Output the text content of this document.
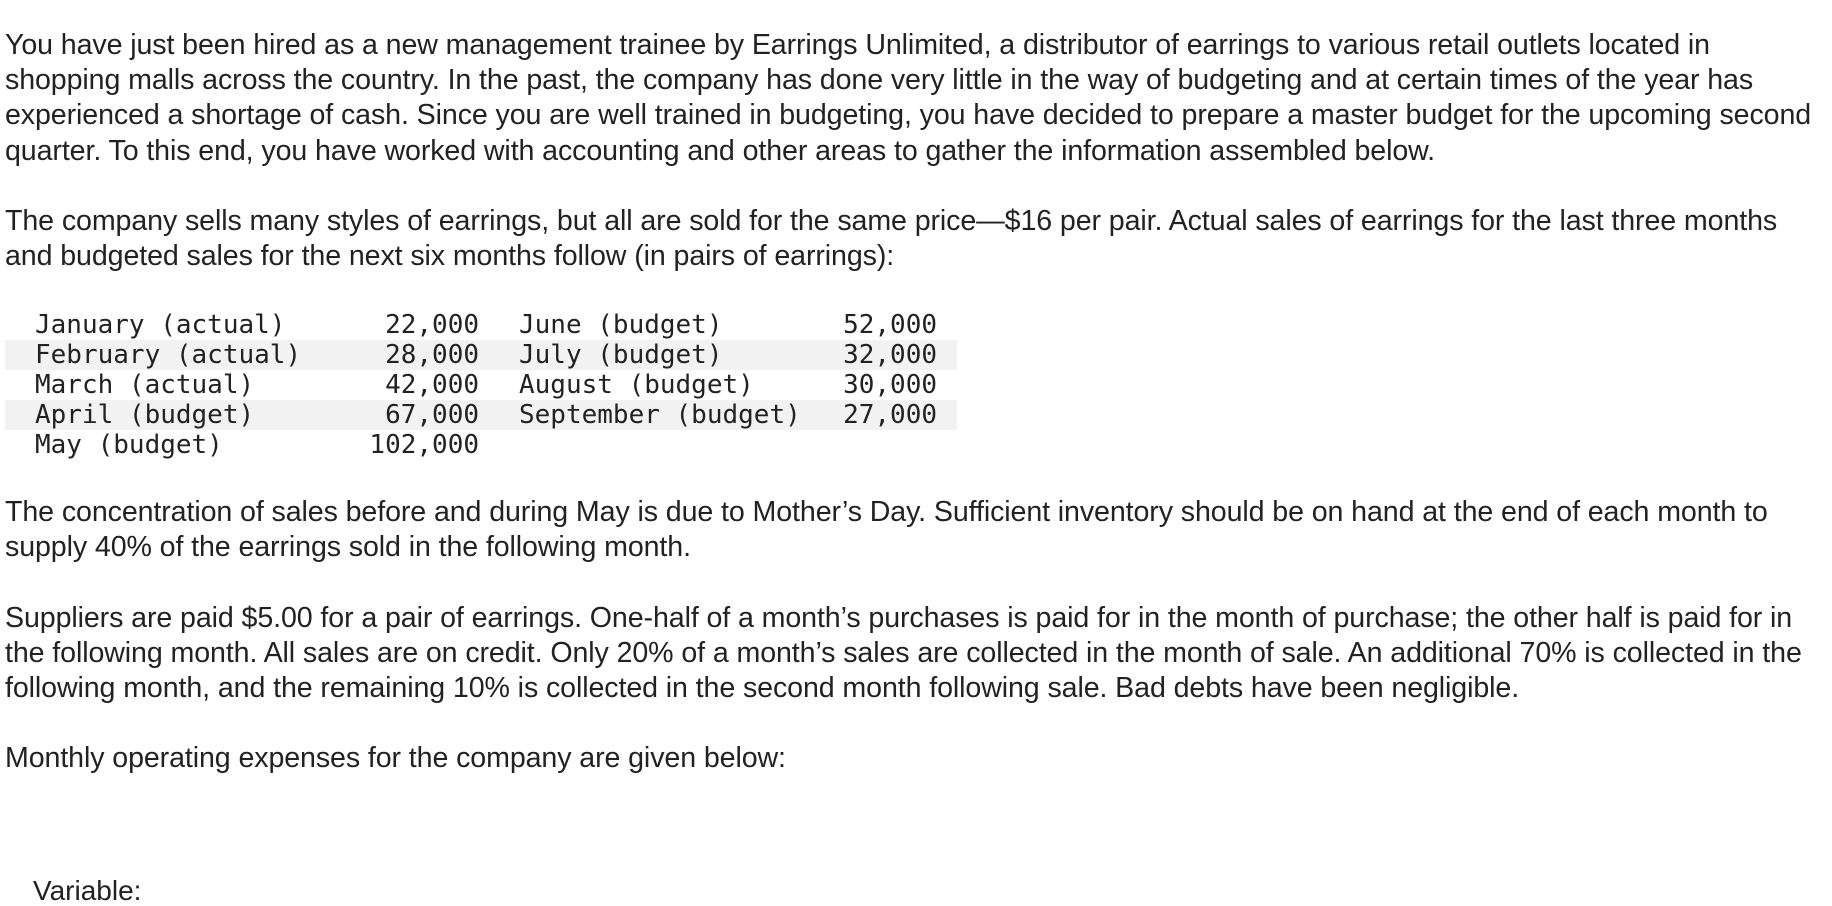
You have just been hired as a new management trainee by Earrings Unlimited, a distributor of earrings to various retail outlets located in shopping malls across the country. In the past, the company has done very little in the way of budgeting and at certain times of the year has experienced a shortage of cash. Since you are well trained in budgeting, you have decided to prepare a master budget for the upcoming second quarter. To this end, you have worked with accounting and other areas to gather the information assembled below.

The company sells many styles of earrings, but all are sold for the same price—$16 per pair. Actual sales of earrings for the last three months and budgeted sales for the next six months follow (in pairs of earrings):

January (actual)	22,000	June (budget)	52,000
February (actual)	28,000	July (budget)	32,000
March (actual)	42,000	August (budget)	30,000
April (budget)	67,000	September (budget)	27,000
May (budget)	102,000		

The concentration of sales before and during May is due to Mother’s Day. Sufficient inventory should be on hand at the end of each month to supply 40% of the earrings sold in the following month.

Suppliers are paid $5.00 for a pair of earrings. One-half of a month’s purchases is paid for in the month of purchase; the other half is paid for in the following month. All sales are on credit. Only 20% of a month’s sales are collected in the month of sale. An additional 70% is collected in the following month, and the remaining 10% is collected in the second month following sale. Bad debts have been negligible.

Monthly operating expenses for the company are given below:

Variable:
